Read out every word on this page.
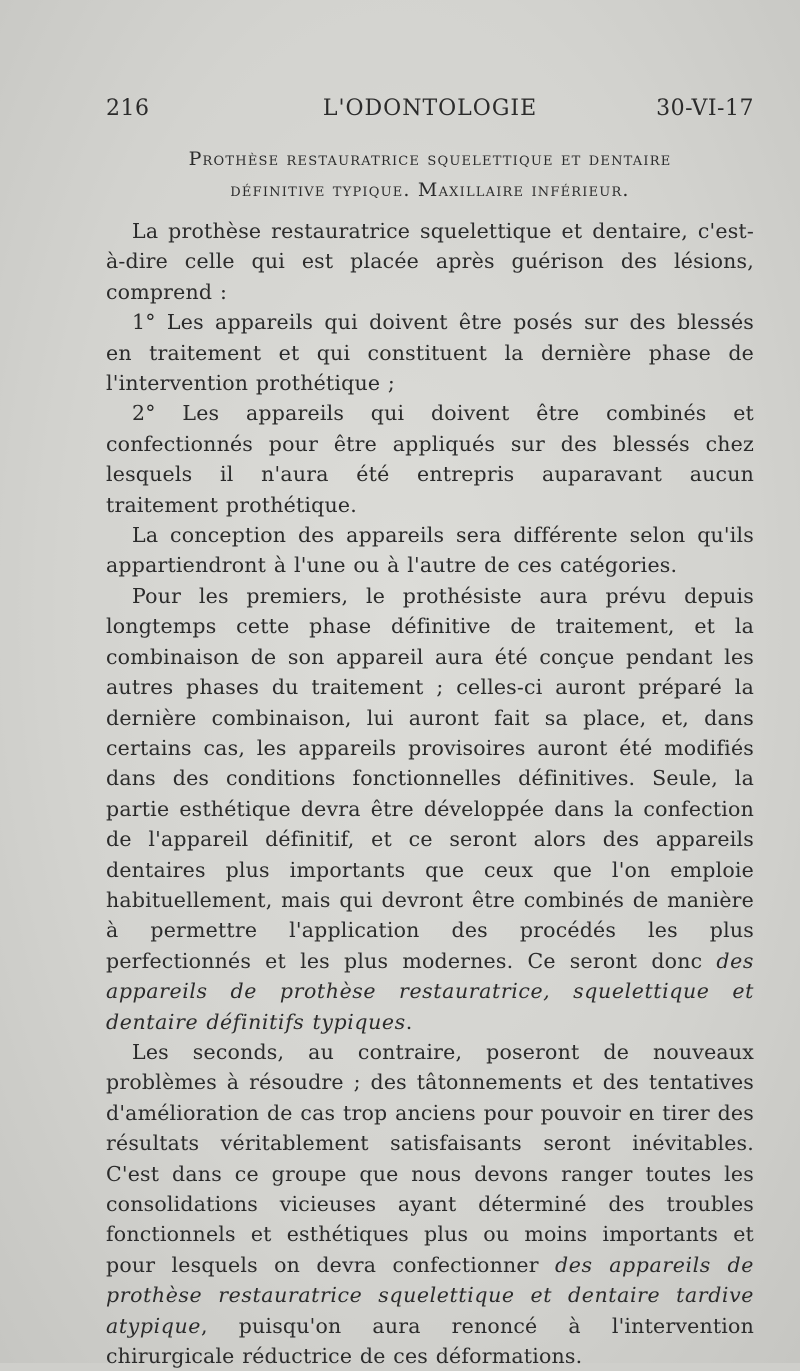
216	L'ODONTOLOGIE	30-VI-17
Prothèse restauratrice squelettique et dentaire
définitive typique. Maxillaire inférieur.

La prothèse restauratrice squelettique et dentaire, c'est-à-dire celle qui est placée après guérison des lésions, comprend :

1° Les appareils qui doivent être posés sur des blessés en traitement et qui constituent la dernière phase de l'intervention prothétique ;

2° Les appareils qui doivent être combinés et confectionnés pour être appliqués sur des blessés chez lesquels il n'aura été entrepris auparavant aucun traitement prothétique.

La conception des appareils sera différente selon qu'ils appartiendront à l'une ou à l'autre de ces catégories.

Pour les premiers, le prothésiste aura prévu depuis longtemps cette phase définitive de traitement, et la combinaison de son appareil aura été conçue pendant les autres phases du traitement ; celles-ci auront préparé la dernière combinaison, lui auront fait sa place, et, dans certains cas, les appareils provisoires auront été modifiés dans des conditions fonctionnelles définitives. Seule, la partie esthétique devra être développée dans la confection de l'appareil définitif, et ce seront alors des appareils dentaires plus importants que ceux que l'on emploie habituellement, mais qui devront être combinés de manière à permettre l'application des procédés les plus perfectionnés et les plus modernes. Ce seront donc des appareils de prothèse restauratrice, squelettique et dentaire définitifs typiques.

Les seconds, au contraire, poseront de nouveaux problèmes à résoudre ; des tâtonnements et des tentatives d'amélioration de cas trop anciens pour pouvoir en tirer des résultats véritablement satisfaisants seront inévitables. C'est dans ce groupe que nous devons ranger toutes les consolidations vicieuses ayant déterminé des troubles fonctionnels et esthétiques plus ou moins importants et pour lesquels on devra confectionner des appareils de prothèse restauratrice squelettique et dentaire tardive atypique, puisqu'on aura renoncé à l'intervention chirurgicale réductrice de ces déformations.
